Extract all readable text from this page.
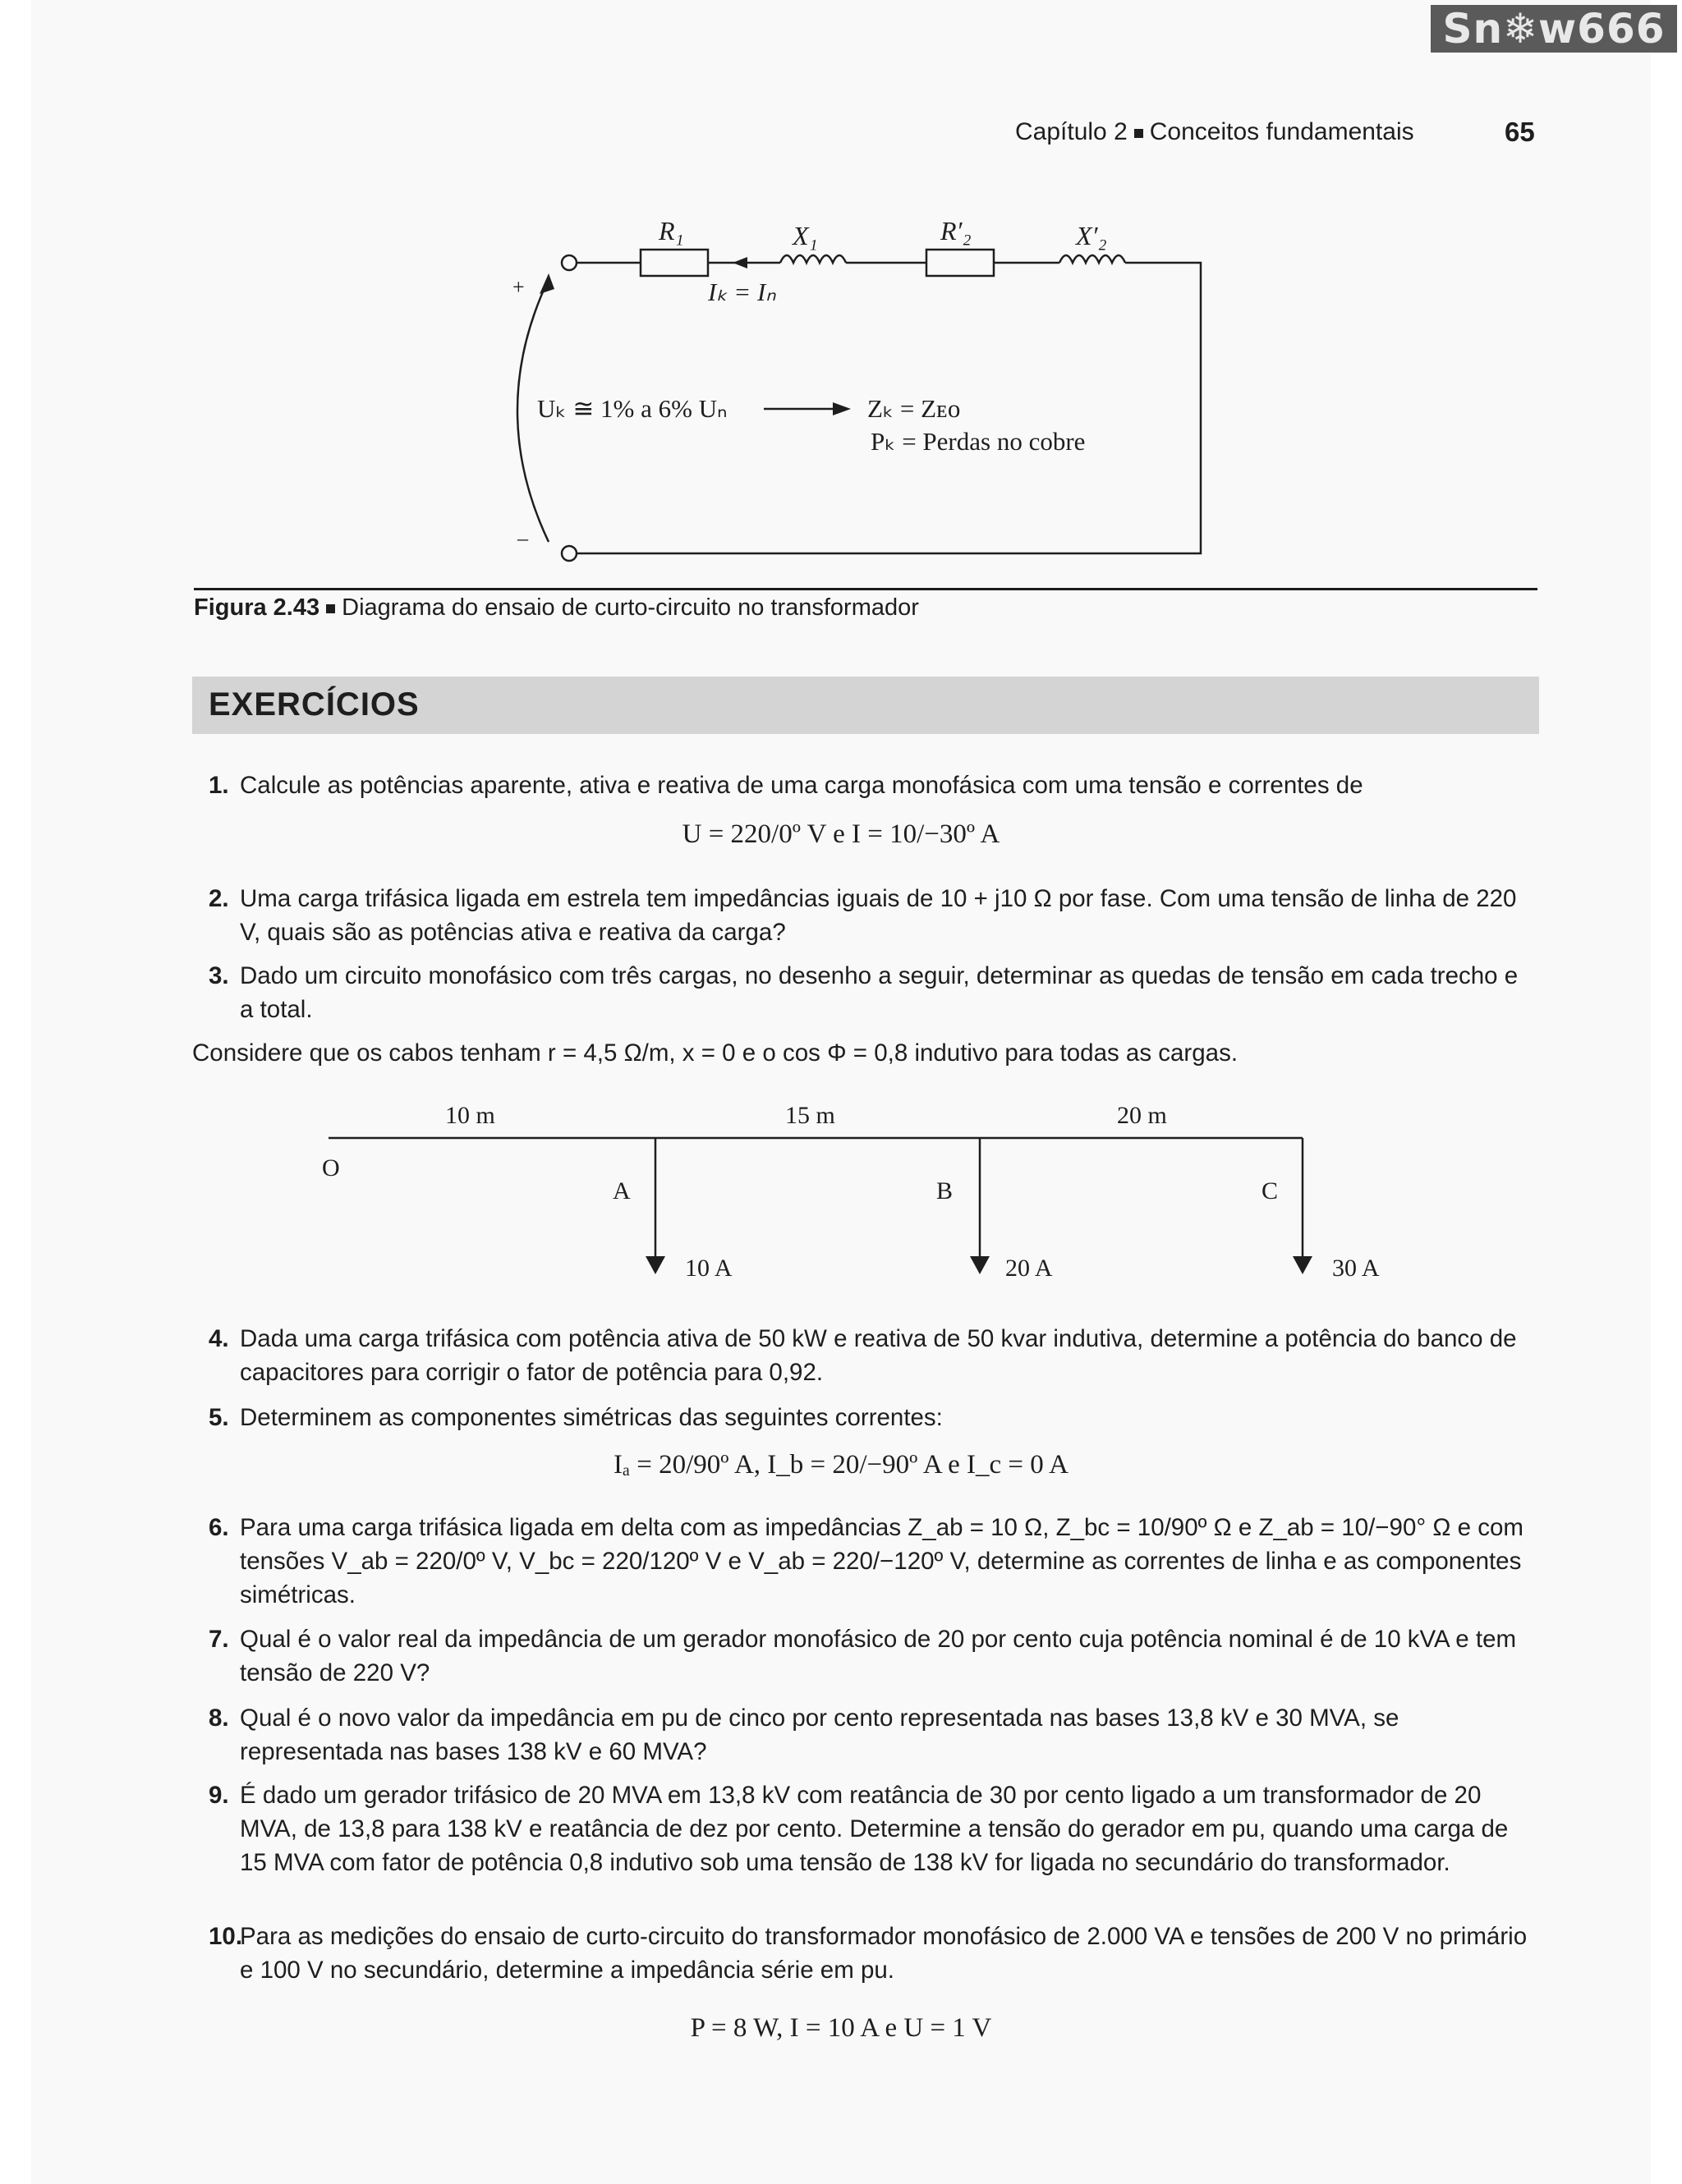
Sn❄w666
Capítulo 2 Conceitos fundamentais	65
R₁	X₁	R′₂	X′₂
Iₖ = Iₙ
+
–
Uₖ ≅ 1% a 6% Uₙ	Zₖ = Zᴇᴏ
Pₖ = Perdas no cobre
Figura 2.43 Diagrama do ensaio de curto-circuito no transformador
EXERCÍCIOS
1. Calcule as potências aparente, ativa e reativa de uma carga monofásica com uma tensão e correntes de
U = 220/0º V e I = 10/−30º A
2. Uma carga trifásica ligada em estrela tem impedâncias iguais de 10 + j10 Ω por fase. Com uma tensão de linha de 220 V, quais são as potências ativa e reativa da carga?
3. Dado um circuito monofásico com três cargas, no desenho a seguir, determinar as quedas de tensão em cada trecho e a total.
Considere que os cabos tenham r = 4,5 Ω/m, x = 0 e o cos Φ = 0,8 indutivo para todas as cargas.
10 m	15 m	20 m
O
A	B	C
10 A	20 A	30 A
4. Dada uma carga trifásica com potência ativa de 50 kW e reativa de 50 kvar indutiva, determine a potência do banco de capacitores para corrigir o fator de potência para 0,92.
5. Determinem as componentes simétricas das seguintes correntes:
Iₐ = 20/90º A, I_b = 20/−90º A e I_c = 0 A
6. Para uma carga trifásica ligada em delta com as impedâncias Z_ab = 10 Ω, Z_bc = 10/90º Ω e Z_ab = 10/−90° Ω e com tensões V_ab = 220/0º V, V_bc = 220/120º V e V_ab = 220/−120º V, determine as correntes de linha e as componentes simétricas.
7. Qual é o valor real da impedância de um gerador monofásico de 20 por cento cuja potência nominal é de 10 kVA e tem tensão de 220 V?
8. Qual é o novo valor da impedância em pu de cinco por cento representada nas bases 13,8 kV e 30 MVA, se representada nas bases 138 kV e 60 MVA?
9. É dado um gerador trifásico de 20 MVA em 13,8 kV com reatância de 30 por cento ligado a um transformador de 20 MVA, de 13,8 para 138 kV e reatância de dez por cento. Determine a tensão do gerador em pu, quando uma carga de 15 MVA com fator de potência 0,8 indutivo sob uma tensão de 138 kV for ligada no secundário do transformador.
10.
Para as medições do ensaio de curto-circuito do transformador monofásico de 2.000 VA e tensões de 200 V no primário e 100 V no secundário, determine a impedância série em pu.
P = 8 W, I = 10 A e U = 1 V
